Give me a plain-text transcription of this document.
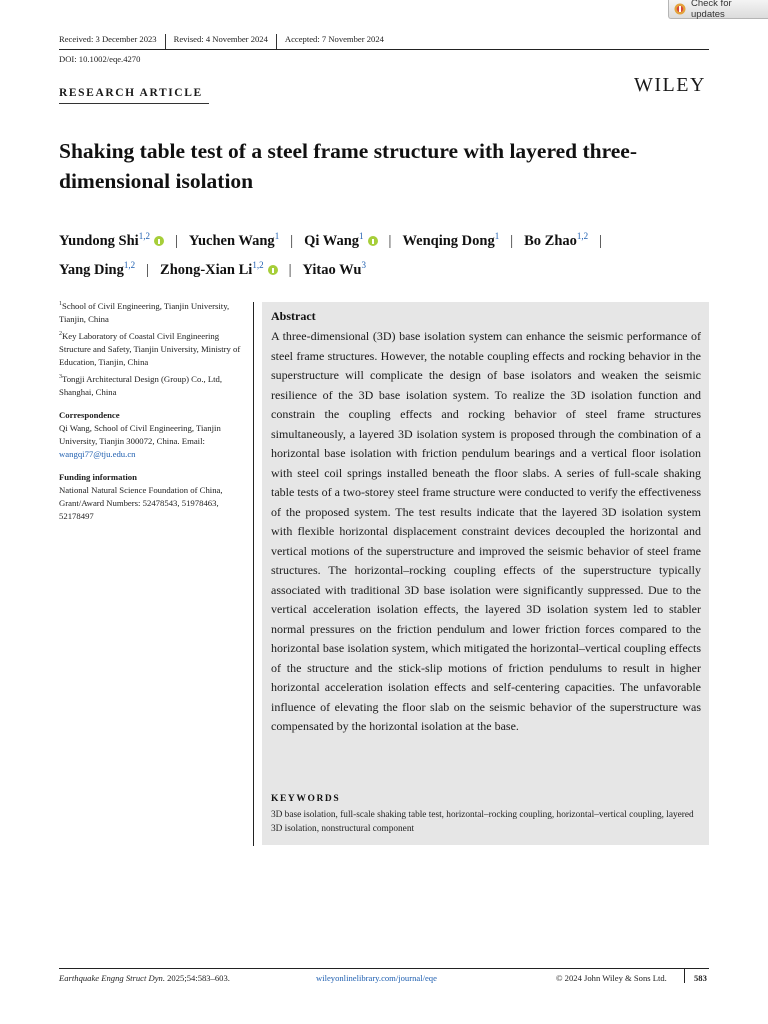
Check for updates
Received: 3 December 2023 Revised: 4 November 2024 Accepted: 7 November 2024
DOI: 10.1002/eqe.4270
RESEARCH ARTICLE	WILEY
Shaking table test of a steel frame structure with layered three-dimensional isolation
Yundong Shi$^{1,2}$ | Yuchen Wang$^1$ | Qi Wang$^1$ | Wenqing Dong$^1$ | Bo Zhao$^{1,2}$ |
Yang Ding$^{1,2}$ | Zhong-Xian Li$^{1,2}$ | Yitao Wu$^3$
$^1$School of Civil Engineering, Tianjin University, Tianjin, China
$^2$Key Laboratory of Coastal Civil Engineering Structure and Safety, Tianjin University, Ministry of Education, Tianjin, China
$^3$Tongji Architectural Design (Group) Co., Ltd, Shanghai, China
Correspondence
Qi Wang, School of Civil Engineering, Tianjin University, Tianjin 300072, China. Email: wangqi77@tju.edu.cn
Funding information
National Natural Science Foundation of China, Grant/Award Numbers: 52478543, 51978463, 52178497
Abstract
A three-dimensional (3D) base isolation system can enhance the seismic performance of steel frame structures. However, the notable coupling effects and rocking behavior in the superstructure will complicate the design of base isolators and weaken the seismic resilience of the 3D base isolation system. To realize the 3D isolation function and constrain the coupling effects and rocking behavior of steel frame structures simultaneously, a layered 3D isolation system is proposed through the combination of a horizontal base isolation with friction pendulum bearings and a vertical floor isolation with steel coil springs installed beneath the floor slabs. A series of full-scale shaking table tests of a two-storey steel frame structure were conducted to verify the effectiveness of the proposed system. The test results indicate that the layered 3D isolation system with flexible horizontal displacement constraint devices decoupled the horizontal and vertical motions of the superstructure and improved the seismic behavior of steel frame structures. The horizontal–rocking coupling effects of the superstructure typically associated with traditional 3D base isolation were significantly suppressed. Due to the vertical acceleration isolation effects, the layered 3D isolation system led to stabler normal pressures on the friction pendulum and lower friction forces compared to the horizontal base isolation system, which mitigated the horizontal–vertical coupling effects of the structure and the stick-slip motions of friction pendulums to result in higher horizontal acceleration isolation effects and self-centering capacities. The unfavorable influence of elevating the floor slab on the seismic behavior of the superstructure was compensated by the horizontal isolation at the base.
KEYWORDS
3D base isolation, full-scale shaking table test, horizontal–rocking coupling, horizontal–vertical coupling, layered 3D isolation, nonstructural component
Earthquake Engng Struct Dyn. 2025;54:583–603.	wileyonlinelibrary.com/journal/eqe	© 2024 John Wiley & Sons Ltd.	583
